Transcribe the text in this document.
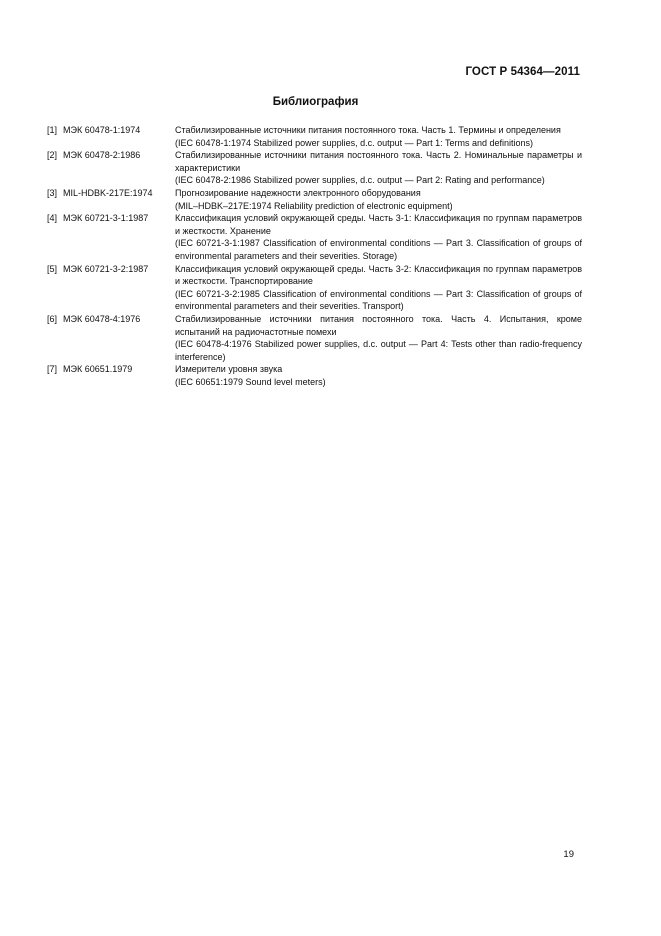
ГОСТ Р 54364—2011
Библиография
[1] МЭК 60478-1:1974	Стабилизированные источники питания постоянного тока. Часть 1. Термины и определения

(IEC 60478-1:1974 Stabilized power supplies, d.c. output — Part 1: Terms and definitions)

[2] МЭК 60478-2:1986	Стабилизированные источники питания постоянного тока. Часть 2. Номинальные параметры и характеристики

(IEC 60478-2:1986 Stabilized power supplies, d.c. output — Part 2: Rating and performance)

[3] MIL-HDBK-217E:1974	Прогнозирование надежности электронного оборудования

(MIL–HDBK–217E:1974 Reliability prediction of electronic equipment)

[4] МЭК 60721-3-1:1987	Классификация условий окружающей среды. Часть 3-1: Классификация по группам параметров и жесткости. Хранение

(IEC 60721-3-1:1987 Classification of environmental conditions — Part 3. Classification of groups of environmental parameters and their severities. Storage)

[5] МЭК 60721-3-2:1987	Классификация условий окружающей среды. Часть 3-2: Классификация по группам параметров и жесткости. Транспортирование

(IEC 60721-3-2:1985 Classification of environmental conditions — Part 3: Classification of groups of environmental parameters and their severities. Transport)

[6] МЭК 60478-4:1976	Стабилизированные источники питания постоянного тока. Часть 4. Испытания, кроме испытаний на радиочастотные помехи

(IEC 60478-4:1976 Stabilized power supplies, d.c. output — Part 4: Tests other than radio-frequency interference)

[7] МЭК 60651.1979	Измерители уровня звука

(IEC 60651:1979 Sound level meters)

19
